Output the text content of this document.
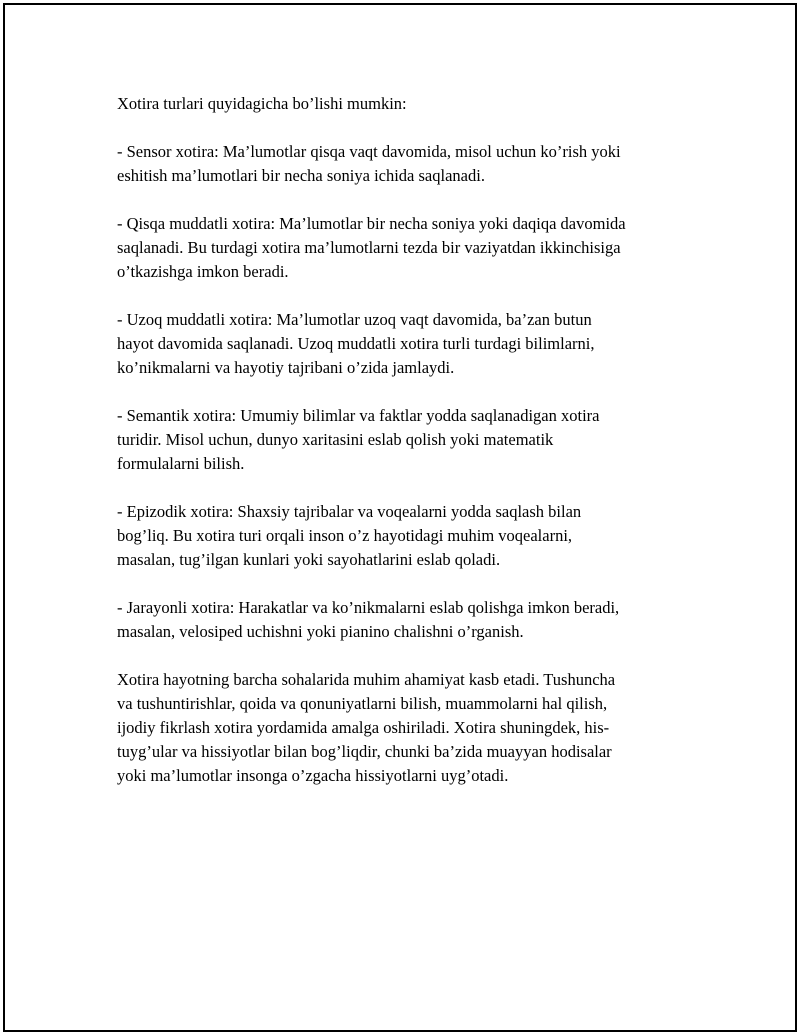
Xotira turlari quyidagicha bo’lishi mumkin:

- Sensor xotira: Ma’lumotlar qisqa vaqt davomida, misol uchun ko’rish yoki
eshitish ma’lumotlari bir necha soniya ichida saqlanadi.

- Qisqa muddatli xotira: Ma’lumotlar bir necha soniya yoki daqiqa davomida
saqlanadi. Bu turdagi xotira ma’lumotlarni tezda bir vaziyatdan ikkinchisiga
o’tkazishga imkon beradi.

- Uzoq muddatli xotira: Ma’lumotlar uzoq vaqt davomida, ba’zan butun
hayot davomida saqlanadi. Uzoq muddatli xotira turli turdagi bilimlarni,
ko’nikmalarni va hayotiy tajribani o’zida jamlaydi.

- Semantik xotira: Umumiy bilimlar va faktlar yodda saqlanadigan xotira
turidir. Misol uchun, dunyo xaritasini eslab qolish yoki matematik
formulalarni bilish.

- Epizodik xotira: Shaxsiy tajribalar va voqealarni yodda saqlash bilan
bog’liq. Bu xotira turi orqali inson o’z hayotidagi muhim voqealarni,
masalan, tug’ilgan kunlari yoki sayohatlarini eslab qoladi.

- Jarayonli xotira: Harakatlar va ko’nikmalarni eslab qolishga imkon beradi,
masalan, velosiped uchishni yoki pianino chalishni o’rganish.

Xotira hayotning barcha sohalarida muhim ahamiyat kasb etadi. Tushuncha
va tushuntirishlar, qoida va qonuniyatlarni bilish, muammolarni hal qilish,
ijodiy fikrlash xotira yordamida amalga oshiriladi. Xotira shuningdek, his-
tuyg’ular va hissiyotlar bilan bog’liqdir, chunki ba’zida muayyan hodisalar
yoki ma’lumotlar insonga o’zgacha hissiyotlarni uyg’otadi.
